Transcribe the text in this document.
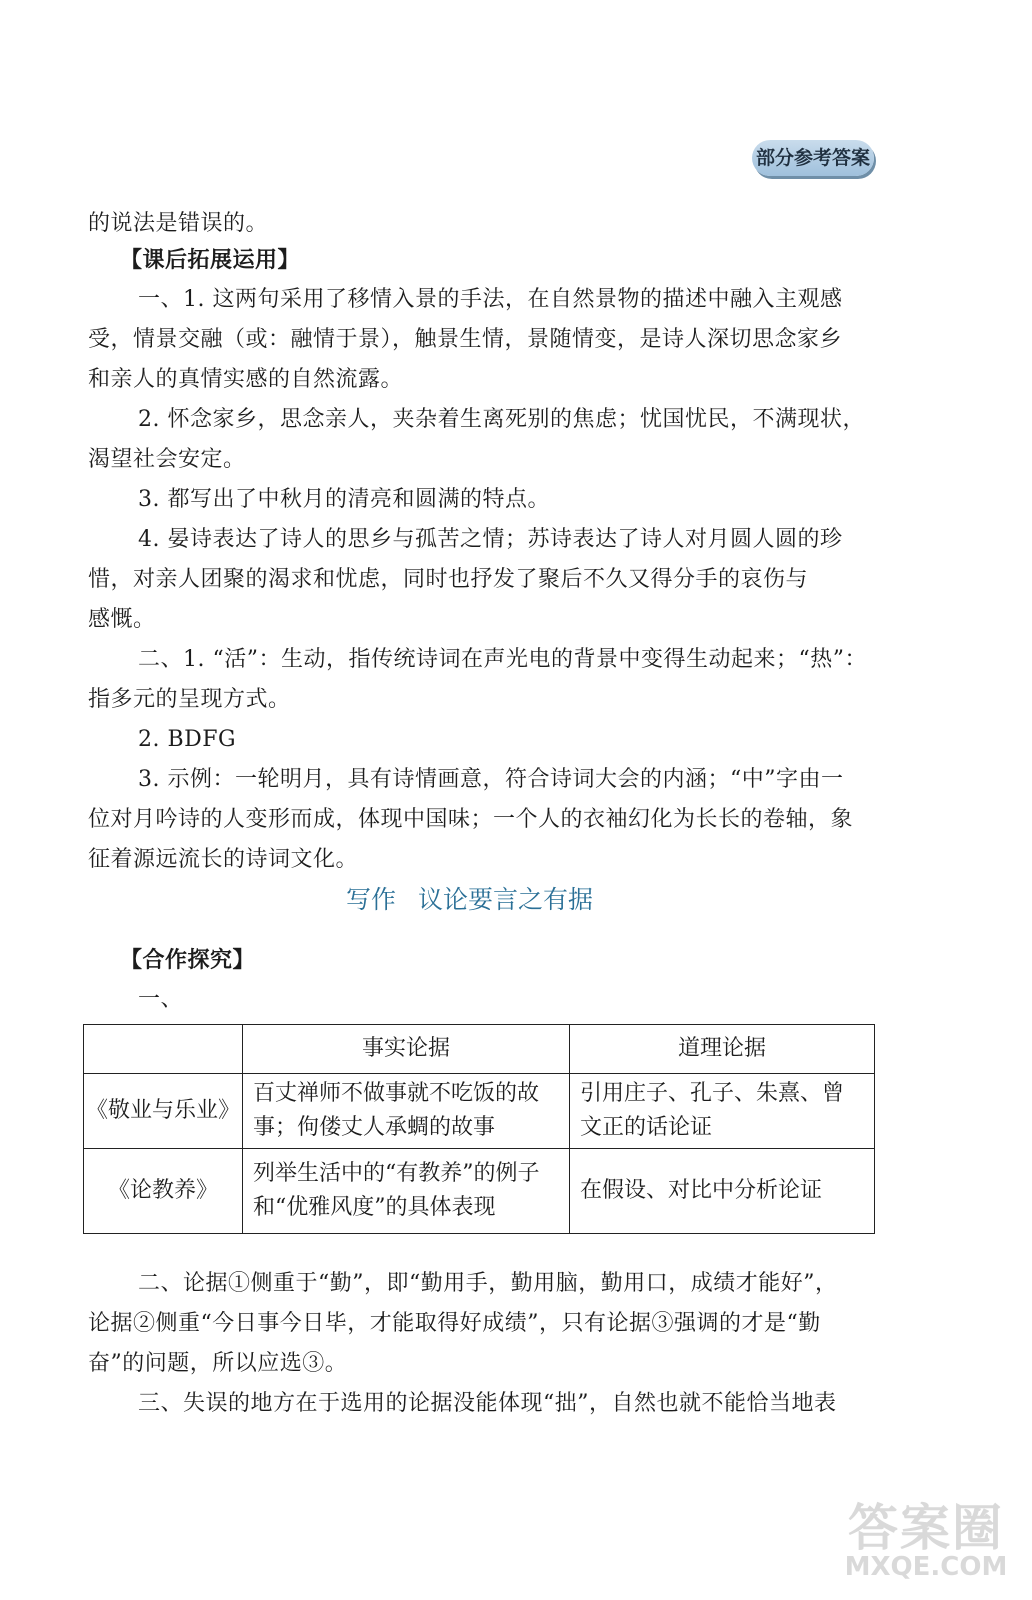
部分参考答案
的说法是错误的。
【课后拓展运用】
一、1. 这两句采用了移情入景的手法，在自然景物的描述中融入主观感
受，情景交融（或：融情于景），触景生情，景随情变，是诗人深切思念家乡
和亲人的真情实感的自然流露。
2. 怀念家乡，思念亲人，夹杂着生离死别的焦虑；忧国忧民，不满现状，
渴望社会安定。
3. 都写出了中秋月的清亮和圆满的特点。
4. 晏诗表达了诗人的思乡与孤苦之情；苏诗表达了诗人对月圆人圆的珍
惜，对亲人团聚的渴求和忧虑，同时也抒发了聚后不久又得分手的哀伤与
感慨。
二、1. “活”：生动，指传统诗词在声光电的背景中变得生动起来；“热”：
指多元的呈现方式。
2. BDFG
3. 示例：一轮明月，具有诗情画意，符合诗词大会的内涵；“中”字由一
位对月吟诗的人变形而成，体现中国味；一个人的衣袖幻化为长长的卷轴，象
征着源远流长的诗词文化。
写作 议论要言之有据
【合作探究】
一、
	事实论据	道理论据
《敬业与乐业》	百丈禅师不做事就不吃饭的故事；佝偻丈人承蜩的故事	引用庄子、孔子、朱熹、曾文正的话论证
《论教养》	列举生活中的“有教养”的例子和“优雅风度”的具体表现	在假设、对比中分析论证
二、论据①侧重于“勤”，即“勤用手，勤用脑，勤用口，成绩才能好”，
论据②侧重“今日事今日毕，才能取得好成绩”，只有论据③强调的才是“勤
奋”的问题，所以应选③。
三、失误的地方在于选用的论据没能体现“拙”，自然也就不能恰当地表
答案圈
MXQE.COM
